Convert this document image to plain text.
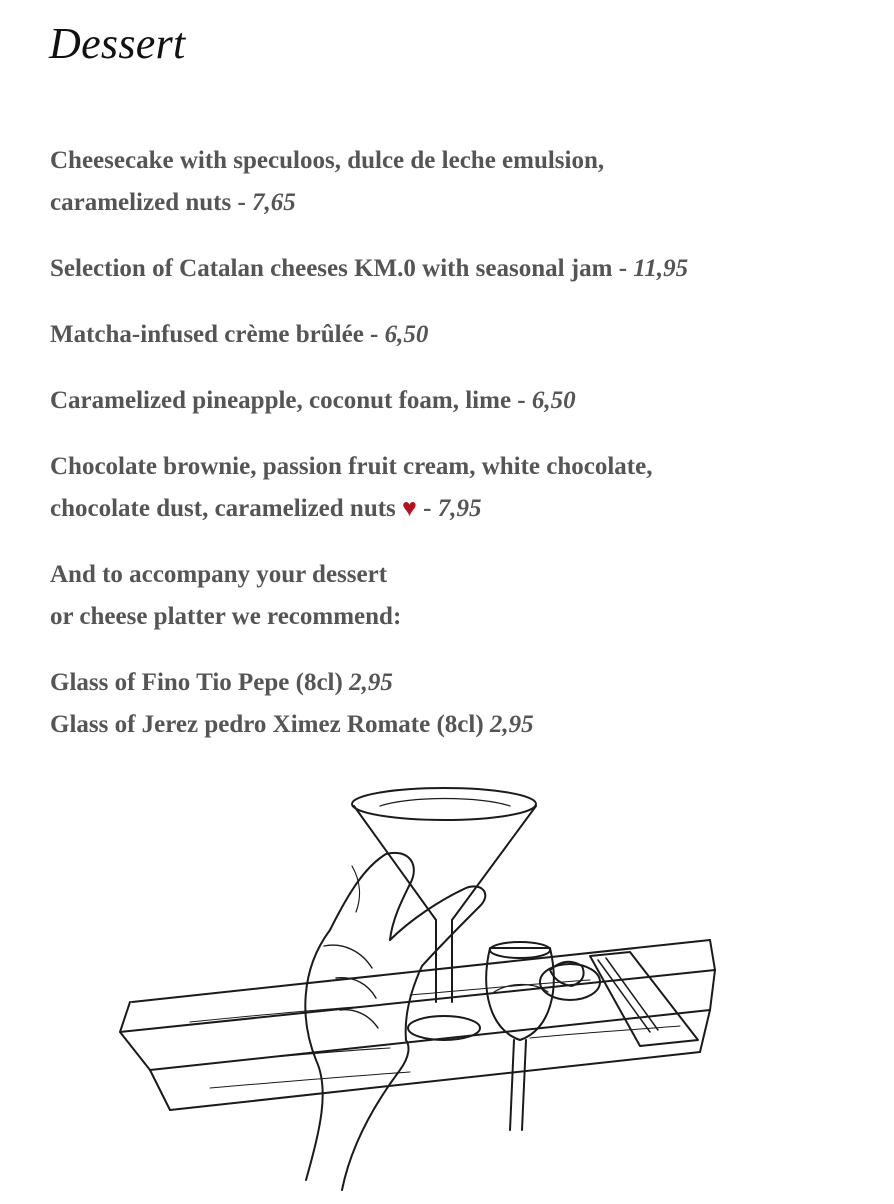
Dessert
Cheesecake with speculoos, dulce de leche emulsion,
caramelized nuts - 7,65
Selection of Catalan cheeses KM.0 with seasonal jam - 11,95
Matcha-infused crème brûlée - 6,50
Caramelized pineapple, coconut foam, lime - 6,50
Chocolate brownie, passion fruit cream, white chocolate,
chocolate dust, caramelized nuts ♥ - 7,95
And to accompany your dessert
or cheese platter we recommend:
Glass of Fino Tio Pepe (8cl) 2,95
Glass of Jerez pedro Ximez Romate (8cl) 2,95
